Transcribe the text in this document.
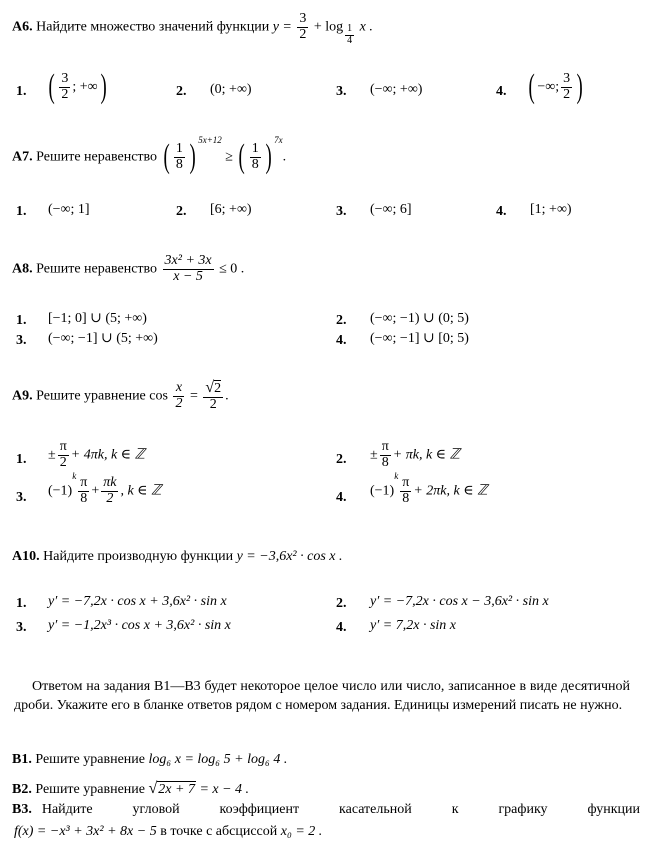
А6. Найдите множество значений функции $y = \frac{3}{2} + \log \frac{1}{4}$ x .
1. ( $\frac{3}{2}$ ; +∞)	2. (0; +∞)	3. (−∞; +∞)	4. ( −∞; $\frac{3}{2}$ )
А7. Решите неравенство ( $\frac{1}{8}$ ) $^{5x+12}$ ≥ ( $\frac{1}{8}$ ) $^{7x}$.
1. (−∞; 1]	2. [6; +∞)	3. (−∞; 6]	4. [1; +∞)
А8. Решите неравенство $\frac{\text{3x² + 3x}}{x - 5} \le 0$ .
1. [−1; 0] ∪ (5; +∞)	2. (−∞; −1) ∪ (0; 5)
3. (−∞; −1] ∪ (5; +∞)	4. (−∞; −1] ∪ [0; 5)
А9. Решите уравнение $\cos \frac{x}{2} = \frac{√2}{2}$ .
1. ± $\frac{\pi}{2} + 4\pi k$, k ∈ ℤ	2. ± $\frac{\pi}{8} + \pi k$, k ∈ ℤ
3. $(-1)^k \frac{\pi}{8} + \frac{\pi k}{2}$ , k ∈ ℤ	4. $(-1)^k \frac{\pi}{8} + 2\pi k$, k ∈ ℤ
А10. Найдите производную функции y = −3,6x² · cos x .
1. y′ = −7,2x · cos x + 3,6x² · sin x	2. y′ = −7,2x · cos x − 3,6x² · sin x
3. y′ = −1,2x³ · cos x + 3,6x² · sin x	4. y′ = 7,2x · sin x
Ответом на задания В1—В3 будет некоторое целое число или число, записанное в виде десятичной дроби. Укажите его в бланке ответов рядом с номером задания. Единицы измерений писать не нужно.
В1. Решите уравнение log₆ x = log₆ 5 + log₆ 4 .
В2. Решите уравнение √2x + 7 = x − 4 .
В3. Найдите угловой коэффициент касательной к графику функции
f(x) = −x³ + 3x² + 8x − 5 в точке с абсциссой x₀ = 2 .
